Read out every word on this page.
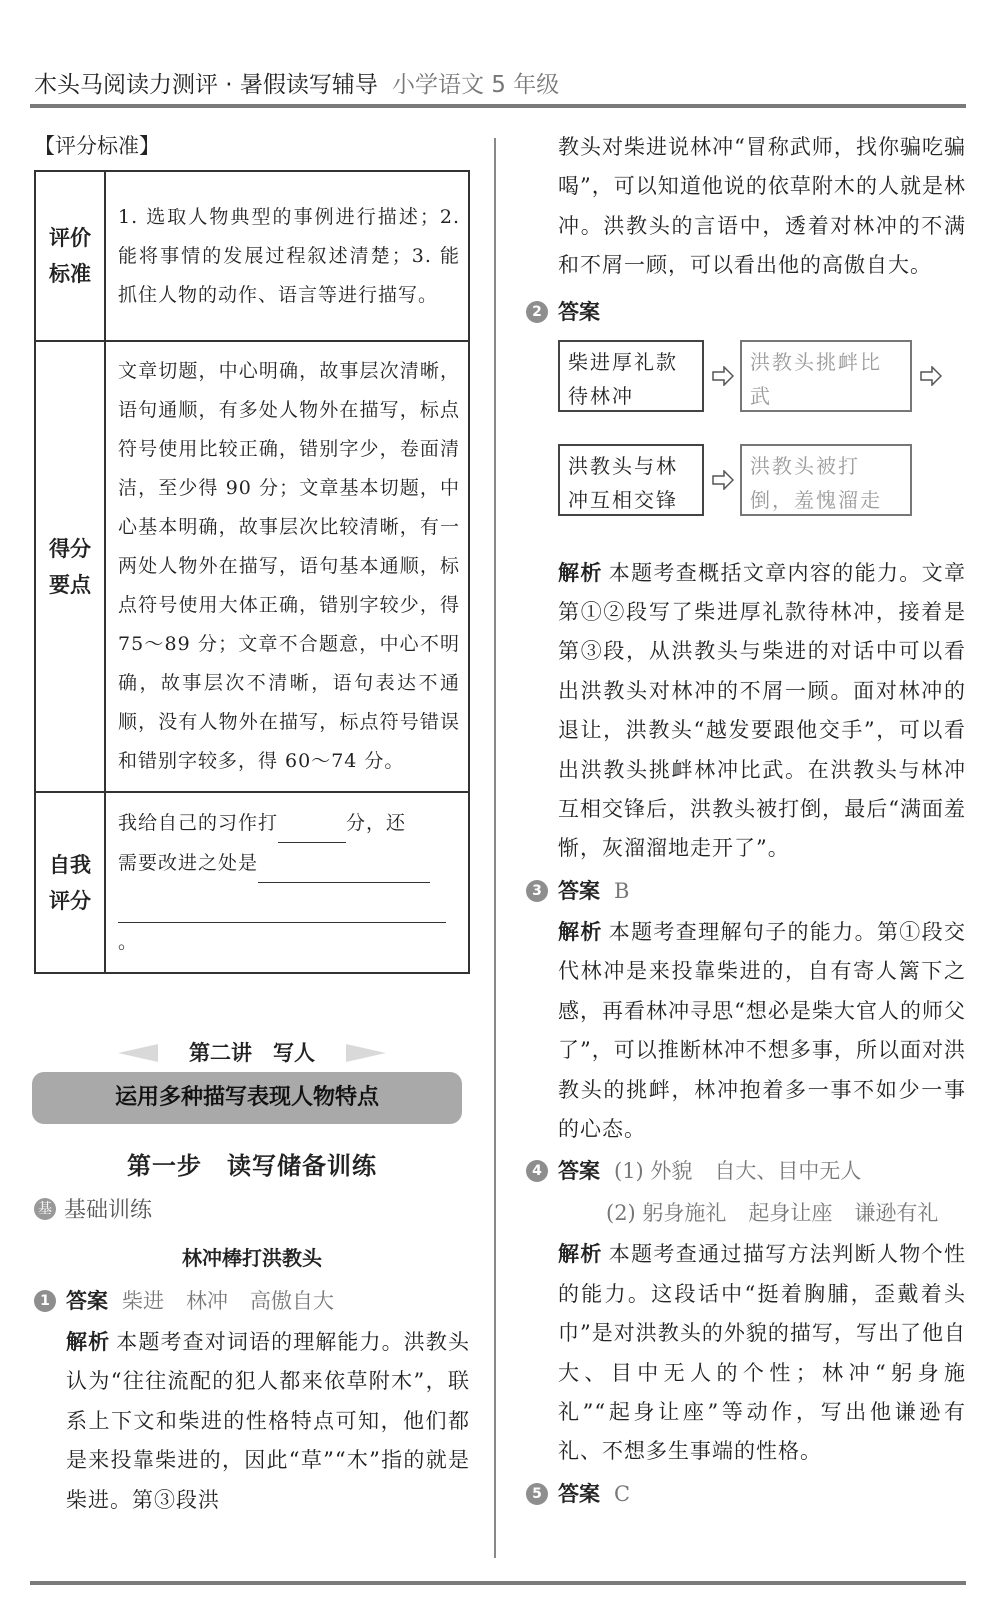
木头马阅读力测评 · 暑假读写辅导 小学语文 5 年级
【评分标准】
评价
标准	1. 选取人物典型的事例进行描述；2. 能将事情的发展过程叙述清楚；3. 能抓住人物的动作、语言等进行描写。
得分
要点	文章切题，中心明确，故事层次清晰，语句通顺，有多处人物外在描写，标点符号使用比较正确，错别字少，卷面清洁，至少得 90 分；文章基本切题，中心基本明确，故事层次比较清晰，有一两处人物外在描写，语句基本通顺，标点符号使用大体正确，错别字较少，得 75～89 分；文章不合题意，中心不明确，故事层次不清晰，语句表达不通顺，没有人物外在描写，标点符号错误和错别字较多，得 60～74 分。
自我
评分	我给自己的习作打 分，还
需要改进之处是
。
第二讲　写人
运用多种描写表现人物特点
第一步　读写储备训练
基 基础训练
林冲棒打洪教头
1 答案 柴进 林冲 高傲自大

解析 本题考查对词语的理解能力。洪教头认为“往往流配的犯人都来依草附木”，联系上下文和柴进的性格特点可知，他们都是来投靠柴进的，因此“草”“木”指的就是柴进。第③段洪

教头对柴进说林冲“冒称武师，找你骗吃骗喝”，可以知道他说的依草附木的人就是林冲。洪教头的言语中，透着对林冲的不满和不屑一顾，可以看出他的高傲自大。

2 答案
柴进厚礼款待林冲
洪教头挑衅比武
洪教头与林冲互相交锋
洪教头被打倒，羞愧溜走

解析 本题考查概括文章内容的能力。文章第①②段写了柴进厚礼款待林冲，接着是第③段，从洪教头与柴进的对话中可以看出洪教头对林冲的不屑一顾。面对林冲的退让，洪教头“越发要跟他交手”，可以看出洪教头挑衅林冲比武。在洪教头与林冲互相交锋后，洪教头被打倒，最后“满面羞惭，灰溜溜地走开了”。

3 答案 B

解析 本题考查理解句子的能力。第①段交代林冲是来投靠柴进的，自有寄人篱下之感，再看林冲寻思“想必是柴大官人的师父了”，可以推断林冲不想多事，所以面对洪教头的挑衅，林冲抱着多一事不如少一事的心态。

4 答案 (1) 外貌 自大、目中无人
(2) 躬身施礼 起身让座 谦逊有礼

解析 本题考查通过描写方法判断人物个性的能力。这段话中“挺着胸脯，歪戴着头巾”是对洪教头的外貌的描写，写出了他自大、目中无人的个性；林冲“躬身施礼”“起身让座”等动作，写出他谦逊有礼、不想多生事端的性格。

5 答案 C
